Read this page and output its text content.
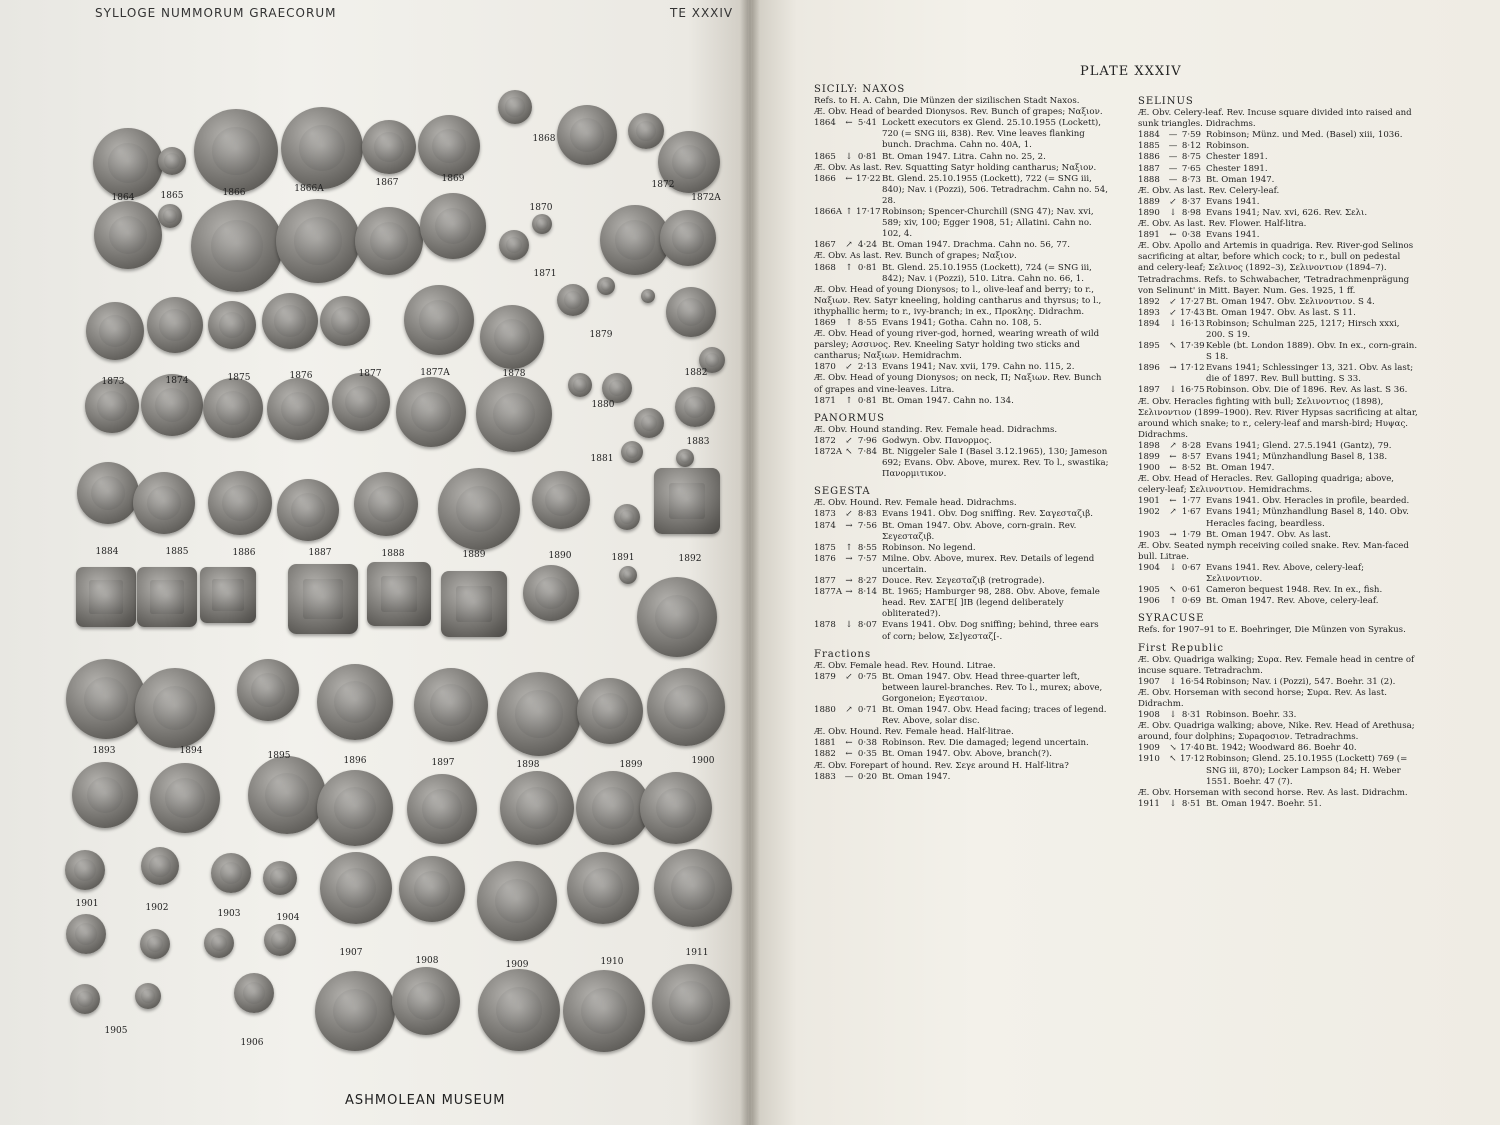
SYLLOGE NUMMORUM GRAECORUM	TE XXXIV
1864	1865	1866	1866A
1867	1869
1868
1872
1872A
1870
1871
1873	1874	1875	1876	1877	1877A	1878
1879
1882
1880
1883
1881
1884	1885	1886	1887	1888	1889	1890	1891	1892
1893	1894	1895	1896	1897	1898	1899	1900
1901	1902
1903	1904
1907
1908	1909	1910
1911
1905
1906
ASHMOLEAN MUSEUM
PLATE XXXIV

SICILY: NAXOS

Refs. to H. A. Cahn, Die Münzen der sizilischen Stadt Naxos.

Æ. Obv. Head of bearded Dionysos. Rev. Bunch of grapes; Ναξιον.

1864	← 5·41 Lockett executors ex Glend. 25.10.1955 (Lockett), 720 (= SNG iii, 838). Rev. Vine leaves flanking bunch. Drachma. Cahn no. 40A, 1.
1865	↓ 0·81 Bt. Oman 1947. Litra. Cahn no. 25, 2.

Æ. Obv. As last. Rev. Squatting Satyr holding cantharus; Ναξιον.

1866	← 17·22 Bt. Glend. 25.10.1955 (Lockett), 722 (= SNG iii, 840); Nav. i (Pozzi), 506. Tetradrachm. Cahn no. 54, 28.
1866A ↑ 17·17 Robinson; Spencer-Churchill (SNG 47); Nav. xvi, 589; xiv, 100; Egger 1908, 51; Allatini. Cahn no. 102, 4.
1867	↗ 4·24 Bt. Oman 1947. Drachma. Cahn no. 56, 77.

Æ. Obv. As last. Rev. Bunch of grapes; Ναξιον.

1868	↑ 0·81 Bt. Glend. 25.10.1955 (Lockett), 724 (= SNG iii, 842); Nav. i (Pozzi), 510. Litra. Cahn no. 66, 1.

Æ. Obv. Head of young Dionysos; to l., olive-leaf and berry; to r., Ναξιων. Rev. Satyr kneeling, holding cantharus and thyrsus; to l., ithyphallic herm; to r., ivy-branch; in ex., Προκλης. Didrachm.

1869	↑ 8·55 Evans 1941; Gotha. Cahn no. 108, 5.

Æ. Obv. Head of young river-god, horned, wearing wreath of wild parsley; Ασσινος. Rev. Kneeling Satyr holding two sticks and cantharus; Ναξιων. Hemidrachm.

1870	↙ 2·13 Evans 1941; Nav. xvii, 179. Cahn no. 115, 2.

Æ. Obv. Head of young Dionysos; on neck, Π; Ναξιων. Rev. Bunch of grapes and vine-leaves. Litra.

1871	↑ 0·81 Bt. Oman 1947. Cahn no. 134.

PANORMUS

Æ. Obv. Hound standing. Rev. Female head. Didrachms.

1872	↙ 7·96 Godwyn. Obv. Πανορμος.
1872A ↖ 7·84 Bt. Niggeler Sale I (Basel 3.12.1965), 130; Jameson 692; Evans. Obv. Above, murex. Rev. To l., swastika; Πανορμιτικον.

SEGESTA

Æ. Obv. Hound. Rev. Female head. Didrachms.

1873	↙ 8·83 Evans 1941. Obv. Dog sniffing. Rev. Σαγεσταζιβ.
1874	→ 7·56 Bt. Oman 1947. Obv. Above, corn-grain. Rev. Σεγεσταζιβ.
1875	↑ 8·55 Robinson. No legend.
1876	→ 7·57 Milne. Obv. Above, murex. Rev. Details of legend uncertain.
1877	→ 8·27 Douce. Rev. Σεγεσταζιβ (retrograde).
1877A → 8·14 Bt. 1965; Hamburger 98, 288. Obv. Above, female head. Rev. ΣΑΓΕ[ ]ΙΒ (legend deliberately obliterated?).
1878	↓ 8·07 Evans 1941. Obv. Dog sniffing; behind, three ears of corn; below, Σε]γεσταζ[-.

Fractions

Æ. Obv. Female head. Rev. Hound. Litrae.

1879	↙ 0·75 Bt. Oman 1947. Obv. Head three-quarter left, between laurel-branches. Rev. To l., murex; above, Gorgoneion; Εγεσταιον.
1880	↗ 0·71 Bt. Oman 1947. Obv. Head facing; traces of legend. Rev. Above, solar disc.

Æ. Obv. Hound. Rev. Female head. Half-litrae.

1881	← 0·38 Robinson. Rev. Die damaged; legend uncertain.
1882	← 0·35 Bt. Oman 1947. Obv. Above, branch(?).

Æ. Obv. Forepart of hound. Rev. Σεγε around H. Half-litra?

1883	— 0·20 Bt. Oman 1947.

SELINUS

Æ. Obv. Celery-leaf. Rev. Incuse square divided into raised and sunk triangles. Didrachms.

1884	— 7·59 Robinson; Münz. und Med. (Basel) xiii, 1036.
1885	— 8·12 Robinson.
1886	— 8·75 Chester 1891.
1887	— 7·65 Chester 1891.
1888	— 8·73 Bt. Oman 1947.

Æ. Obv. As last. Rev. Celery-leaf.

1889	↙ 8·37 Evans 1941.
1890	↓ 8·98 Evans 1941; Nav. xvi, 626. Rev. Σελι.

Æ. Obv. As last. Rev. Flower. Half-litra.

1891	← 0·38 Evans 1941.

Æ. Obv. Apollo and Artemis in quadriga. Rev. River-god Selinos sacrificing at altar, before which cock; to r., bull on pedestal and celery-leaf; Σελινος (1892–3), Σελινοντιον (1894–7). Tetradrachms. Refs. to Schwabacher, 'Tetradrachmenprägung von Selinunt' in Mitt. Bayer. Num. Ges. 1925, 1 ff.

1892	↙ 17·27 Bt. Oman 1947. Obv. Σελινοντιον. S 4.
1893	↙ 17·43 Bt. Oman 1947. Obv. As last. S 11.
1894	↓ 16·13 Robinson; Schulman 225, 1217; Hirsch xxxi, 200. S 19.
1895	↖ 17·39 Keble (bt. London 1889). Obv. In ex., corn-grain. S 18.
1896	→ 17·12 Evans 1941; Schlessinger 13, 321. Obv. As last; die of 1897. Rev. Bull butting. S 33.
1897	↓ 16·75 Robinson. Obv. Die of 1896. Rev. As last. S 36.

Æ. Obv. Heracles fighting with bull; Σελινοντιος (1898), Σελινοντιον (1899–1900). Rev. River Hypsas sacrificing at altar, around which snake; to r., celery-leaf and marsh-bird; Hυψας. Didrachms.

1898	↗ 8·28 Evans 1941; Glend. 27.5.1941 (Gantz), 79.
1899	← 8·57 Evans 1941; Münzhandlung Basel 8, 138.
1900	← 8·52 Bt. Oman 1947.

Æ. Obv. Head of Heracles. Rev. Galloping quadriga; above, celery-leaf; Σελινοντιον. Hemidrachms.

1901	← 1·77 Evans 1941. Obv. Heracles in profile, bearded.
1902	↗ 1·67 Evans 1941; Münzhandlung Basel 8, 140. Obv. Heracles facing, beardless.
1903	→ 1·79 Bt. Oman 1947. Obv. As last.

Æ. Obv. Seated nymph receiving coiled snake. Rev. Man-faced bull. Litrae.

1904	↓ 0·67 Evans 1941. Rev. Above, celery-leaf; Σελινοντιον.
1905	↖ 0·61 Cameron bequest 1948. Rev. In ex., fish.
1906	↑ 0·69 Bt. Oman 1947. Rev. Above, celery-leaf.

SYRACUSE

Refs. for 1907–91 to E. Boehringer, Die Münzen von Syrakus.

First Republic

Æ. Obv. Quadriga walking; Συρα. Rev. Female head in centre of incuse square. Tetradrachm.

1907	↓ 16·54 Robinson; Nav. i (Pozzi), 547. Boehr. 31 (2).

Æ. Obv. Horseman with second horse; Συρα. Rev. As last. Didrachm.

1908	↓ 8·31 Robinson. Boehr. 33.

Æ. Obv. Quadriga walking; above, Nike. Rev. Head of Arethusa; around, four dolphins; Συρaqοσιον. Tetradrachms.

1909	↘ 17·40 Bt. 1942; Woodward 86. Boehr 40.
1910	↖ 17·12 Robinson; Glend. 25.10.1955 (Lockett) 769 (= SNG iii, 870); Locker Lampson 84; H. Weber 1551. Boehr. 47 (7).

Æ. Obv. Horseman with second horse. Rev. As last. Didrachm.

1911	↓ 8·51 Bt. Oman 1947. Boehr. 51.
